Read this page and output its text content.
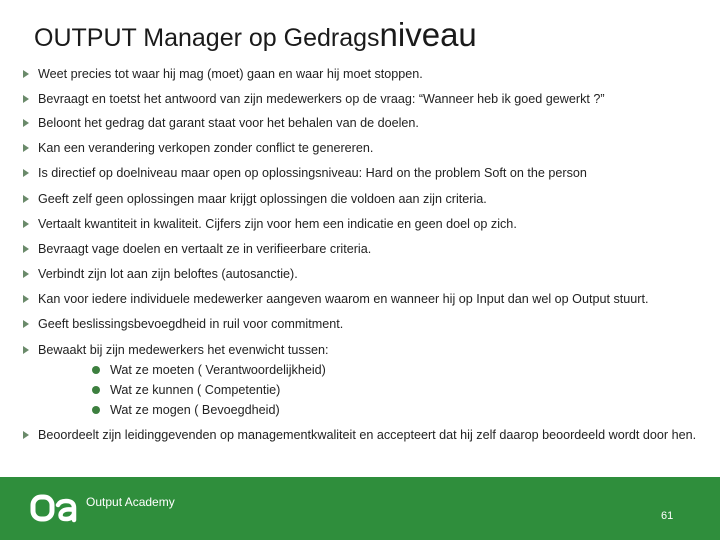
OUTPUT Manager op Gedragsniveau
Weet precies tot waar hij mag (moet) gaan en waar hij moet stoppen.
Bevraagt en toetst het antwoord van zijn medewerkers op de vraag: “Wanneer heb ik goed gewerkt ?”
Beloont het gedrag dat garant staat voor het behalen van de doelen.
Kan een verandering verkopen zonder conflict te genereren.
Is directief op doelniveau maar open op oplossingsniveau: Hard on the problem Soft on the person
Geeft zelf geen oplossingen maar krijgt oplossingen die voldoen aan zijn criteria.
Vertaalt kwantiteit in kwaliteit. Cijfers zijn voor hem een indicatie en geen doel op zich.
Bevraagt vage doelen en vertaalt ze in verifieerbare criteria.
Verbindt zijn lot aan zijn beloftes (autosanctie).
Kan voor iedere individuele medewerker aangeven waarom en wanneer hij op Input dan wel op Output stuurt.
Geeft beslissingsbevoegdheid in ruil voor commitment.
Bewaakt bij zijn medewerkers het evenwicht tussen:
Wat ze moeten ( Verantwoordelijkheid)
Wat ze kunnen ( Competentie)
Wat ze mogen ( Bevoegdheid)
Beoordeelt zijn leidinggevenden op managementkwaliteit en accepteert dat hij zelf daarop beoordeeld wordt door hen.
Output Academy
61
